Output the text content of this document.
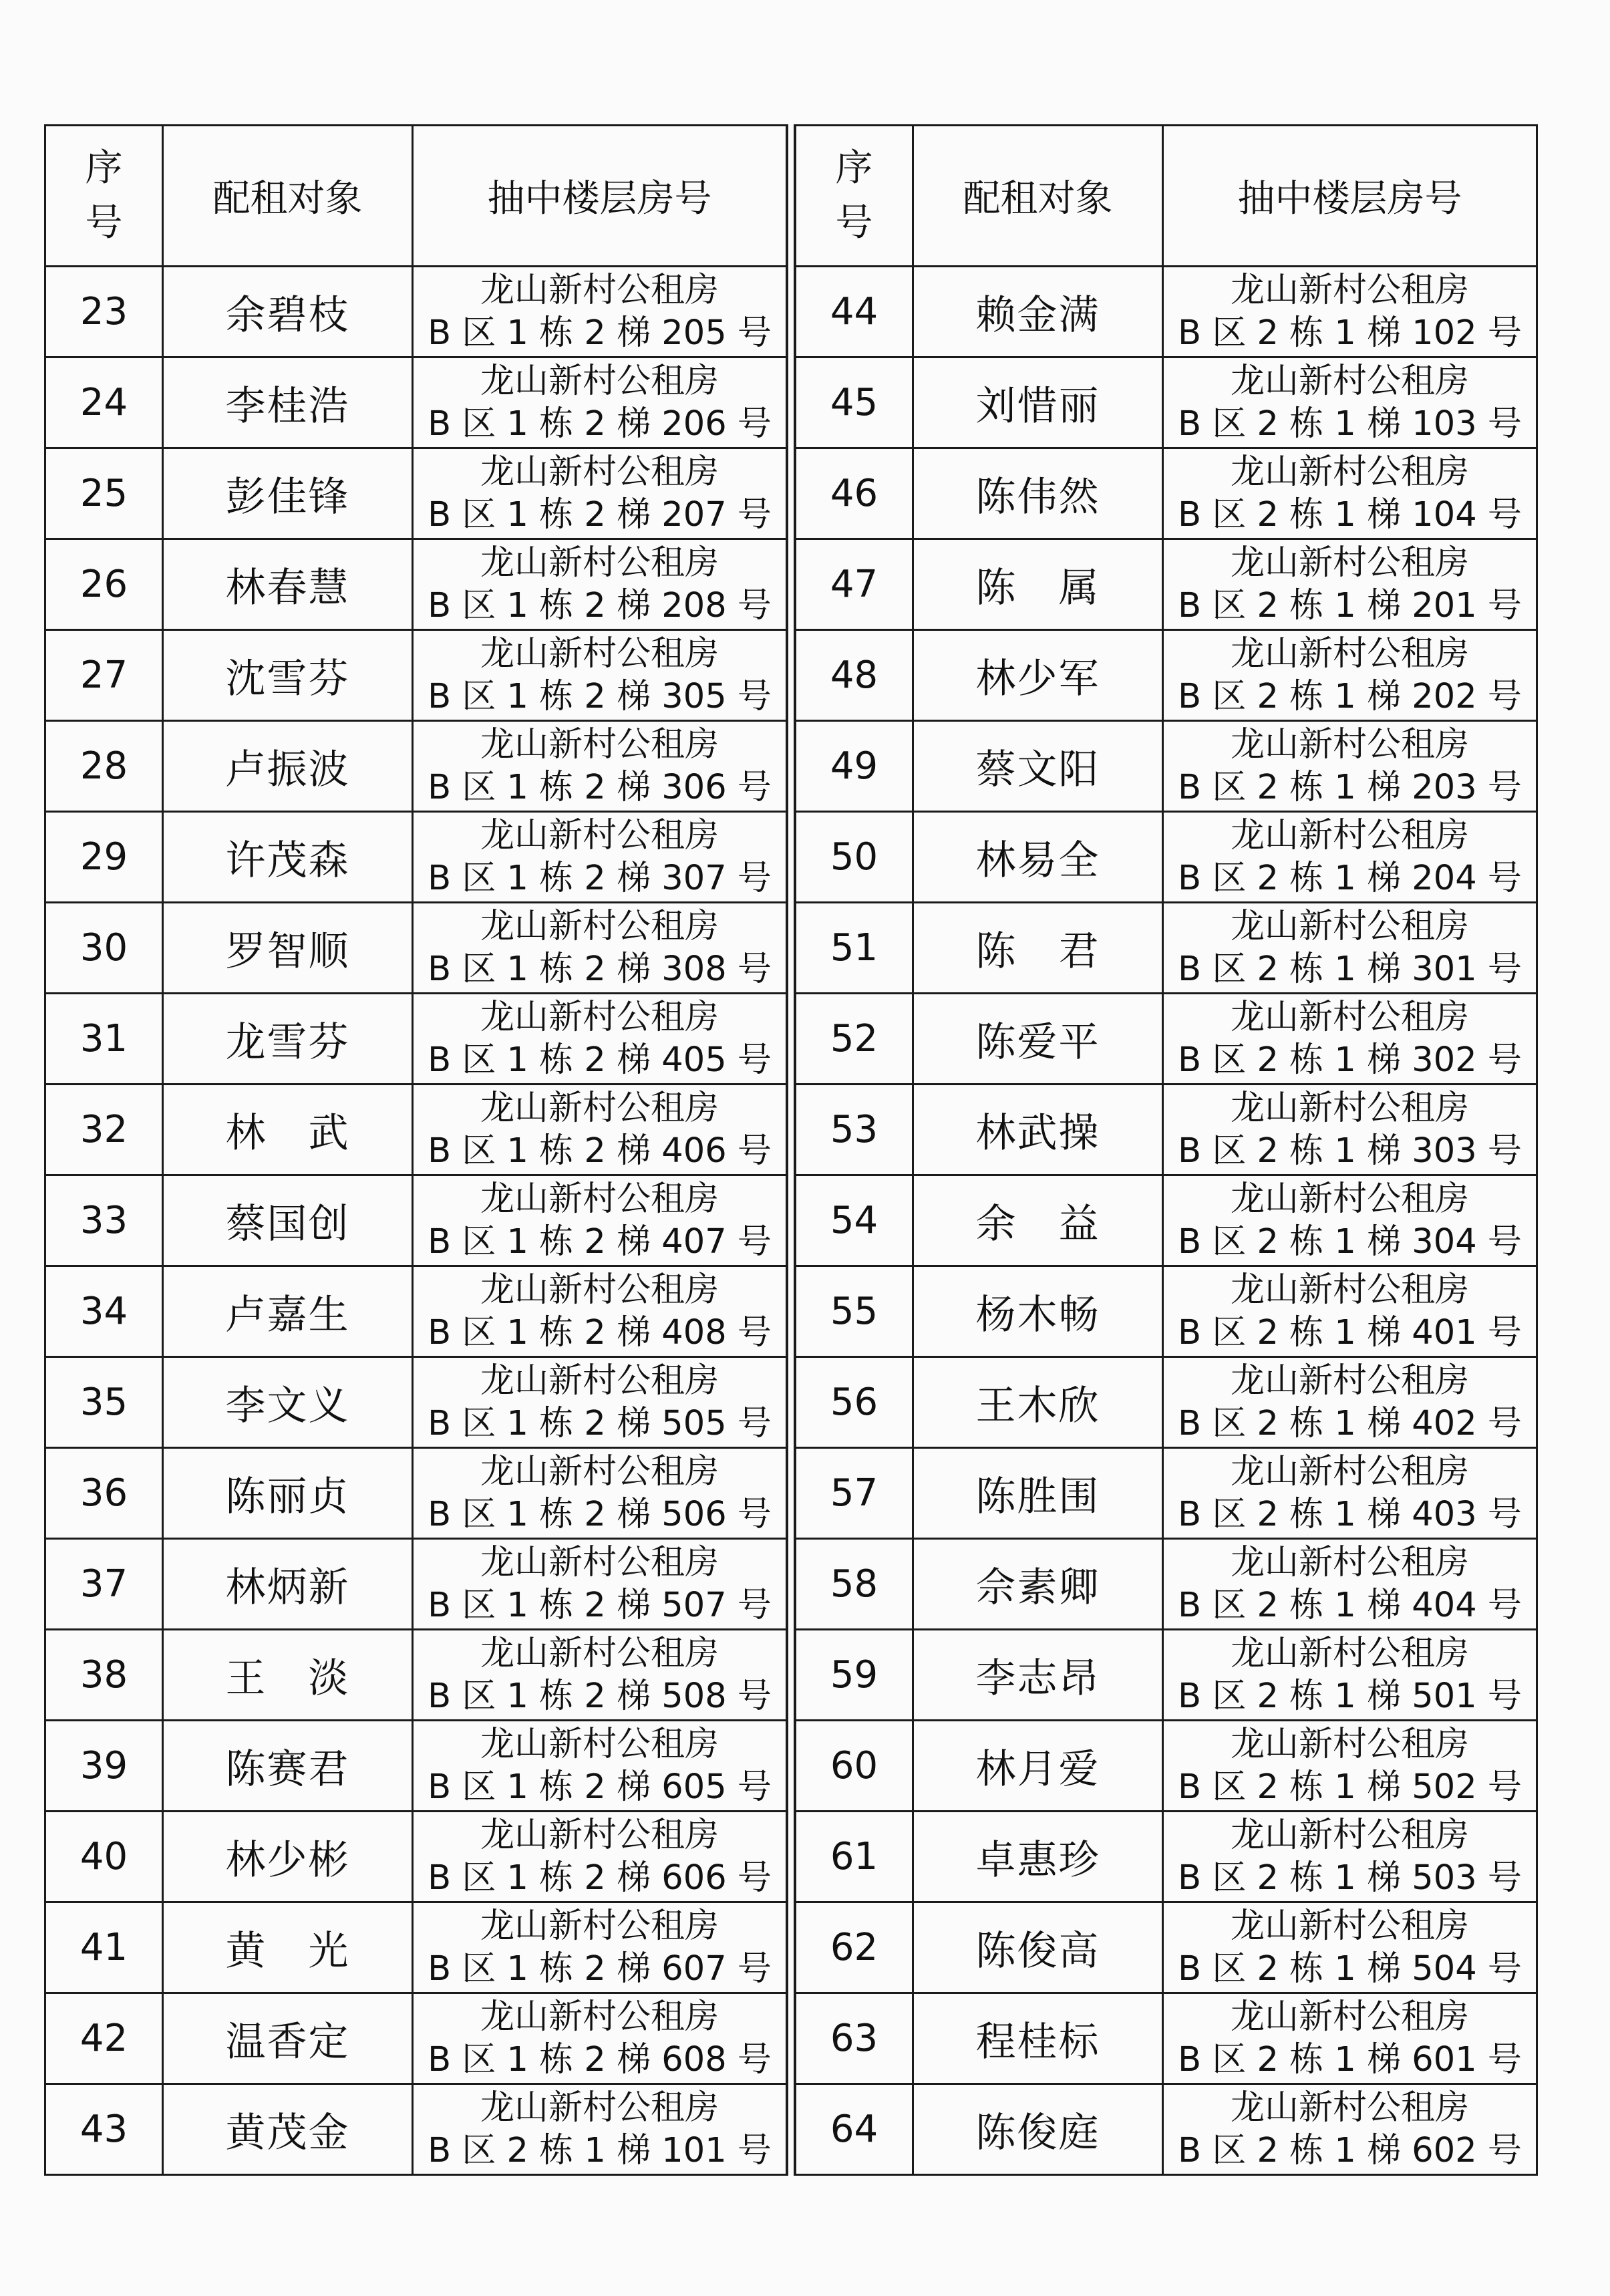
序
号	配租对象	抽中楼层房号
23	余碧枝	龙山新村公租房
B 区 1 栋 2 梯 205 号

24	李桂浩	龙山新村公租房
B 区 1 栋 2 梯 206 号

25	彭佳锋	龙山新村公租房
B 区 1 栋 2 梯 207 号

26	林春慧	龙山新村公租房
B 区 1 栋 2 梯 208 号

27	沈雪芬	龙山新村公租房
B 区 1 栋 2 梯 305 号

28	卢振波	龙山新村公租房
B 区 1 栋 2 梯 306 号

29	许茂森	龙山新村公租房
B 区 1 栋 2 梯 307 号

30	罗智顺	龙山新村公租房
B 区 1 栋 2 梯 308 号

31	龙雪芬	龙山新村公租房
B 区 1 栋 2 梯 405 号

32	林　武	龙山新村公租房
B 区 1 栋 2 梯 406 号

33	蔡国创	龙山新村公租房
B 区 1 栋 2 梯 407 号

34	卢嘉生	龙山新村公租房
B 区 1 栋 2 梯 408 号

35	李文义	龙山新村公租房
B 区 1 栋 2 梯 505 号

36	陈丽贞	龙山新村公租房
B 区 1 栋 2 梯 506 号

37	林炳新	龙山新村公租房
B 区 1 栋 2 梯 507 号

38	王　淡	龙山新村公租房
B 区 1 栋 2 梯 508 号

39	陈赛君	龙山新村公租房
B 区 1 栋 2 梯 605 号

40	林少彬	龙山新村公租房
B 区 1 栋 2 梯 606 号

41	黄　光	龙山新村公租房
B 区 1 栋 2 梯 607 号

42	温香定	龙山新村公租房
B 区 1 栋 2 梯 608 号

43	黄茂金	龙山新村公租房
B 区 2 栋 1 梯 101 号
序
号	配租对象	抽中楼层房号
44	赖金满	龙山新村公租房
B 区 2 栋 1 梯 102 号

45	刘惜丽	龙山新村公租房
B 区 2 栋 1 梯 103 号

46	陈伟然	龙山新村公租房
B 区 2 栋 1 梯 104 号

47	陈　属	龙山新村公租房
B 区 2 栋 1 梯 201 号

48	林少军	龙山新村公租房
B 区 2 栋 1 梯 202 号

49	蔡文阳	龙山新村公租房
B 区 2 栋 1 梯 203 号

50	林易全	龙山新村公租房
B 区 2 栋 1 梯 204 号

51	陈　君	龙山新村公租房
B 区 2 栋 1 梯 301 号

52	陈爱平	龙山新村公租房
B 区 2 栋 1 梯 302 号

53	林武操	龙山新村公租房
B 区 2 栋 1 梯 303 号

54	余　益	龙山新村公租房
B 区 2 栋 1 梯 304 号

55	杨木畅	龙山新村公租房
B 区 2 栋 1 梯 401 号

56	王木欣	龙山新村公租房
B 区 2 栋 1 梯 402 号

57	陈胜围	龙山新村公租房
B 区 2 栋 1 梯 403 号

58	佘素卿	龙山新村公租房
B 区 2 栋 1 梯 404 号

59	李志昂	龙山新村公租房
B 区 2 栋 1 梯 501 号

60	林月爱	龙山新村公租房
B 区 2 栋 1 梯 502 号

61	卓惠珍	龙山新村公租房
B 区 2 栋 1 梯 503 号

62	陈俊高	龙山新村公租房
B 区 2 栋 1 梯 504 号

63	程桂标	龙山新村公租房
B 区 2 栋 1 梯 601 号

64	陈俊庭	龙山新村公租房
B 区 2 栋 1 梯 602 号
